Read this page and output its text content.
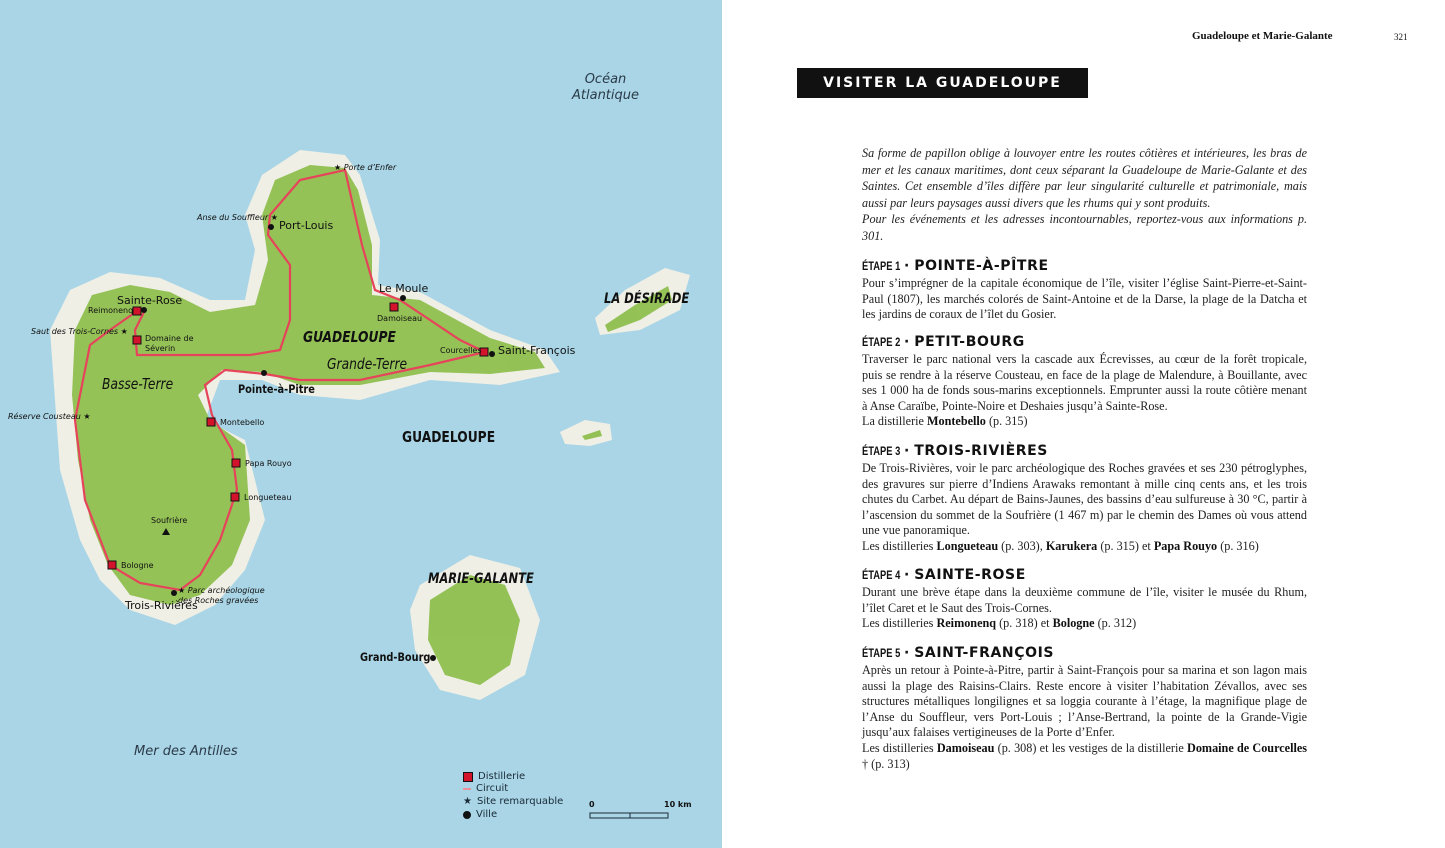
Océan
Atlantique
Mer des Antilles
GUADELOUPE
GUADELOUPE
Grande-Terre
Basse-Terre
LA DÉSIRADE
MARIE-GALANTE
Port-Louis
Le Moule
Saint-François
Sainte-Rose
Pointe-à-Pitre
Trois-Rivières
Grand-Bourg
★ Porte d’Enfer
Anse du Souffleur ★
Saut des Trois-Cornes ★
Réserve Cousteau ★
★ Parc archéologique des Roches gravées
Reimonenq
Domaine de Séverin
Damoiseau
Courcelles
Montebello
Papa Rouyo
Longueteau
Bologne
Soufrière
Distillerie
Circuit
★ Site remarquable
Ville
0	10 km
Guadeloupe et Marie-Galante	321
VISITER LA GUADELOUPE

Sa forme de papillon oblige à louvoyer entre les routes côtières et intérieures, les bras de mer et les canaux maritimes, dont ceux séparant la Guadeloupe de Marie-Galante et des Saintes. Cet ensemble d’îles diffère par leur singularité culturelle et patrimoniale, mais aussi par leurs paysages aussi divers que les rhums qui y sont produits.

Pour les événements et les adresses incontournables, reportez-vous aux informations p. 301.

ÉTAPE 1 · POINTE-À-PÎTRE

Pour s’imprégner de la capitale économique de l’île, visiter l’église Saint-Pierre-et-Saint-Paul (1807), les marchés colorés de Saint-Antoine et de la Darse, la plage de la Datcha et les jardins de coraux de l’îlet du Gosier.

ÉTAPE 2 · PETIT-BOURG

Traverser le parc national vers la cascade aux Écrevisses, au cœur de la forêt tropicale, puis se rendre à la réserve Cousteau, en face de la plage de Malendure, à Bouillante, avec ses 1 000 ha de fonds sous-marins exceptionnels. Emprunter aussi la route côtière menant à Anse Caraïbe, Pointe-Noire et Deshaies jusqu’à Sainte-Rose.

La distillerie Montebello (p. 315)

ÉTAPE 3 · TROIS-RIVIÈRES

De Trois-Rivières, voir le parc archéologique des Roches gravées et ses 230 pétroglyphes, des gravures sur pierre d’Indiens Arawaks remontant à mille cinq cents ans, et les trois chutes du Carbet. Au départ de Bains-Jaunes, des bassins d’eau sulfureuse à 30 °C, partir à l’ascension du sommet de la Soufrière (1 467 m) par le chemin des Dames où vous attend une vue panoramique.

Les distilleries Longueteau (p. 303), Karukera (p. 315) et Papa Rouyo (p. 316)

ÉTAPE 4 · SAINTE-ROSE

Durant une brève étape dans la deuxième commune de l’île, visiter le musée du Rhum, l’îlet Caret et le Saut des Trois-Cornes.

Les distilleries Reimonenq (p. 318) et Bologne (p. 312)

ÉTAPE 5 · SAINT-FRANÇOIS

Après un retour à Pointe-à-Pitre, partir à Saint-François pour sa marina et son lagon mais aussi la plage des Raisins-Clairs. Reste encore à visiter l’habitation Zévallos, avec ses structures métalliques longilignes et sa loggia courante à l’étage, la magnifique plage de l’Anse du Souffleur, vers Port-Louis ; l’Anse-Bertrand, la pointe de la Grande-Vigie jusqu’aux falaises vertigineuses de la Porte d’Enfer.

Les distilleries Damoiseau (p. 308) et les vestiges de la distillerie Domaine de Courcelles † (p. 313)
